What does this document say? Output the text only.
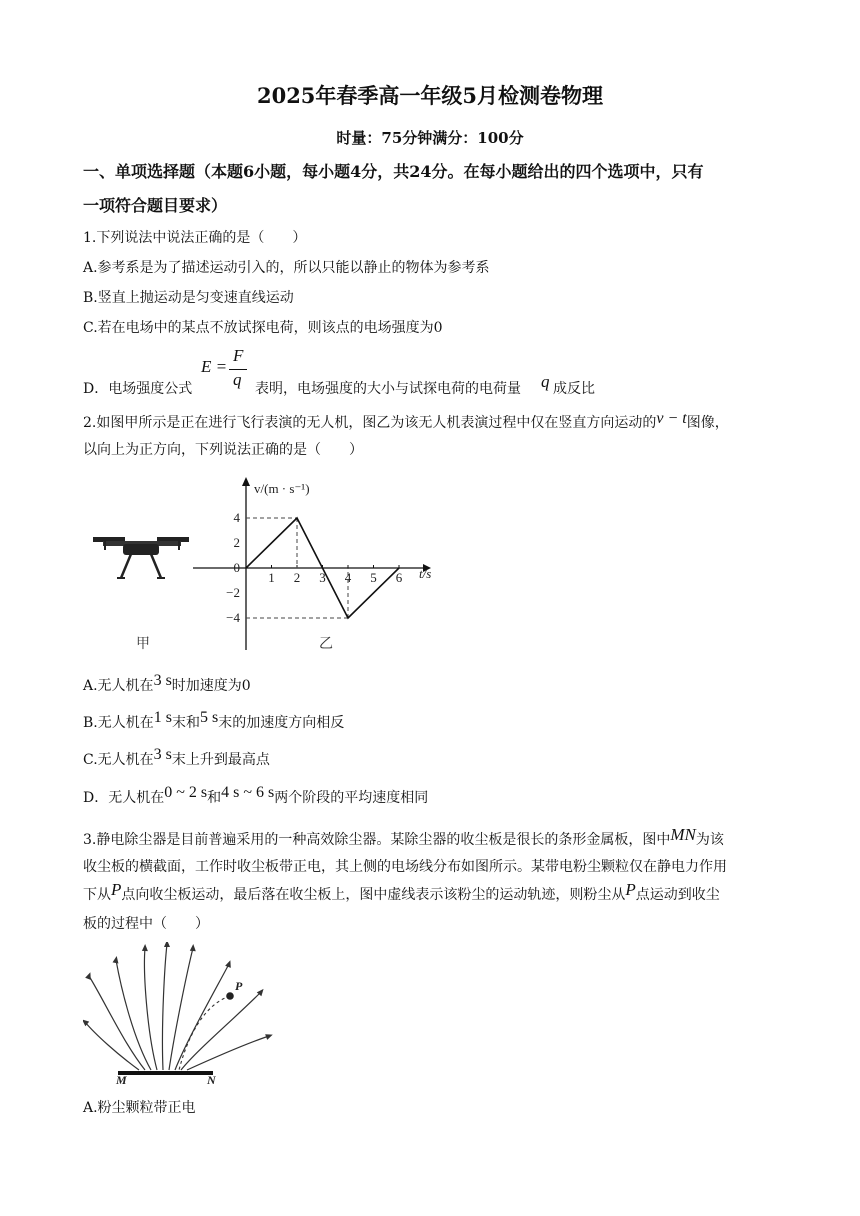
2025年春季高一年级5月检测卷物理
时量：75分钟满分：100分
一、单项选择题（本题6小题，每小题4分，共24分。在每小题给出的四个选项中，只有
一项符合题目要求）
1.下列说法中说法正确的是（　　）
A.参考系是为了描述运动引入的，所以只能以静止的物体为参考系
B.竖直上抛运动是匀变速直线运动
C.若在电场中的某点不放试探电荷，则该点的电场强度为0
D．电场强度公式
E =
F
q 表明，电场强度的大小与试探电荷的电荷量 q 成反比
2.如图甲所示是正在进行飞行表演的无人机，图乙为该无人机表演过程中仅在竖直方向运动的v − t图像，
以向上为正方向，下列说法正确的是（　　）
甲
v/(m · s⁻¹)
t/s
1 2 3 4 5 6
4
2
0
−2
−4
乙
A.无人机在3 s时加速度为0
B.无人机在1 s末和5 s末的加速度方向相反
C.无人机在3 s末上升到最高点
D．无人机在0 ~ 2 s和4 s ~ 6 s两个阶段的平均速度相同
3.静电除尘器是目前普遍采用的一种高效除尘器。某除尘器的收尘板是很长的条形金属板，图中MN为该
收尘板的横截面，工作时收尘板带正电，其上侧的电场线分布如图所示。某带电粉尘颗粒仅在静电力作用
下从P点向收尘板运动，最后落在收尘板上，图中虚线表示该粉尘的运动轨迹，则粉尘从P点运动到收尘
板的过程中（　　）
P
M	N
A.粉尘颗粒带正电
